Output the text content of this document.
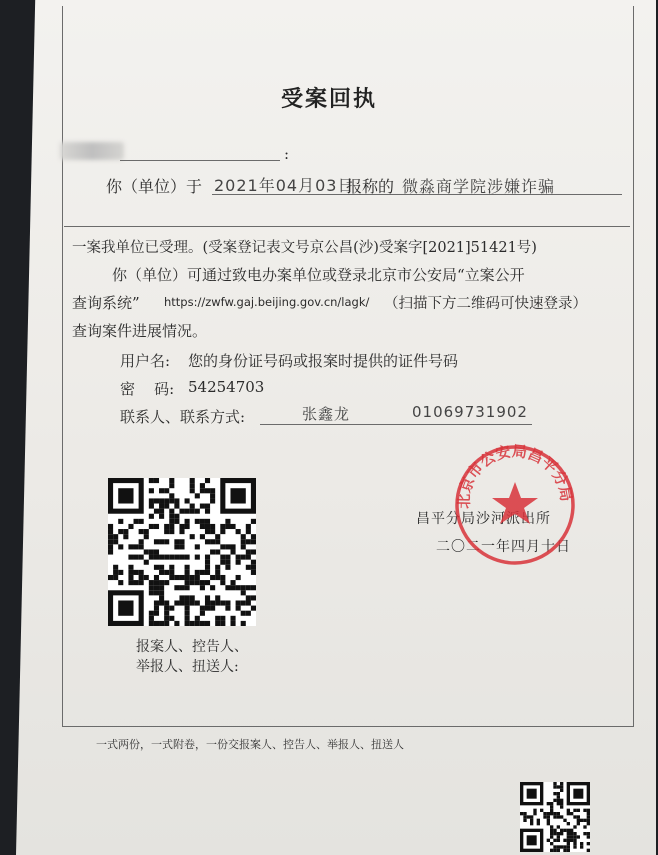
受案回执
:
你（单位）于 2021年04月03日
报称的 微淼商学院涉嫌诈骗
一案我单位已受理。(受案登记表文号京公昌(沙)受案字[2021]51421号)
你（单位）可通过致电办案单位或登录北京市公安局“立案公开
查询系统” https://zwfw.gaj.beijing.gov.cn/lagk/ （扫描下方二维码可快速登录）
查询案件进展情况。
用户名: 您的身份证号码或报案时提供的证件号码
密    码: 54254703
联系人、联系方式:	张鑫龙	01069731902
报案人、控告人、
举报人、扭送人:
昌平分局沙河派出所
二〇二一年四月十日
北京市公安局昌平分局
一式两份，一式附卷，一份交报案人、控告人、举报人、扭送人
